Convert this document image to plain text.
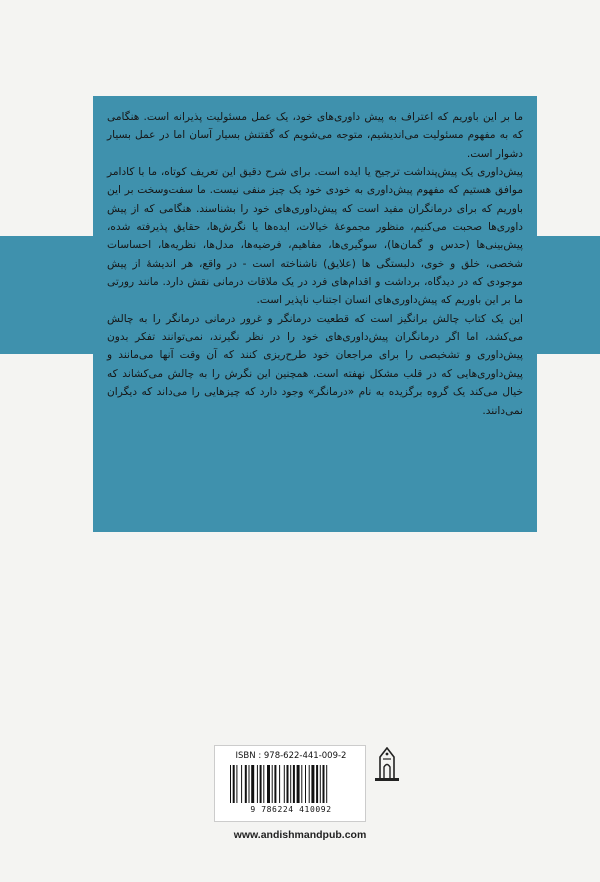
ما بر این باوریم که اعتراف به پیش داوری‌های خود، یک عمل مسئولیت پذیرانه است. هنگامی که به مفهوم مسئولیت می‌اندیشیم، متوجه می‌شویم که گفتنش بسیار آسان اما در عمل بسیار دشوار است.

پیش‌داوری یک پیش‌پنداشت ترجیح یا ایده است. برای شرح دقیق این تعریف کوتاه، ما با کادامر موافق هستیم که مفهوم پیش‌داوری به خودی خود یک چیز منفی نیست. ما سفت‌وسخت بر این باوریم که برای درمانگران مفید است که پیش‌داوری‌های خود را بشناسند. هنگامی که از پیش داوری‌ها صحبت می‌کنیم، منظور مجموعهٔ خیالات، ایده‌ها یا نگرش‌ها، حقایق پذیرفته شده، پیش‌بینی‌ها (حدس و گمان‌ها)، سوگیری‌ها، مفاهیم، فرضیه‌ها، مدل‌ها، نظریه‌ها، احساسات شخصی، خلق و خوی، دلبستگی ها (علایق) ناشناخته است - در واقع، هر اندیشهٔ از پیش موجودی که در دیدگاه، برداشت و اقدام‌های فرد در یک ملاقات درمانی نقش دارد. مانند رورتی ما بر این باوریم که پیش‌داوری‌های انسان اجتناب ناپذیر است.

این یک کتاب چالش برانگیز است که قطعیت درمانگر و غرور درمانی درمانگر را به چالش می‌کشد، اما اگر درمانگران پیش‌داوری‌های خود را در نظر نگیرند، نمی‌توانند تفکر بدون پیش‌داوری و تشخیصی را برای مراجعان خود طرح‌ریزی کنند که آن وقت آنها می‌مانند و پیش‌داوری‌هایی که در قلب مشکل نهفته است. همچنین این نگرش را به چالش می‌کشاند که خیال می‌کند یک گروه برگزیده به نام «درمانگر» وجود دارد که چیزهایی را می‌داند که دیگران نمی‌دانند.

ISBN : 978-622-441-009-2
9 786224 410092
www.andishmandpub.com
